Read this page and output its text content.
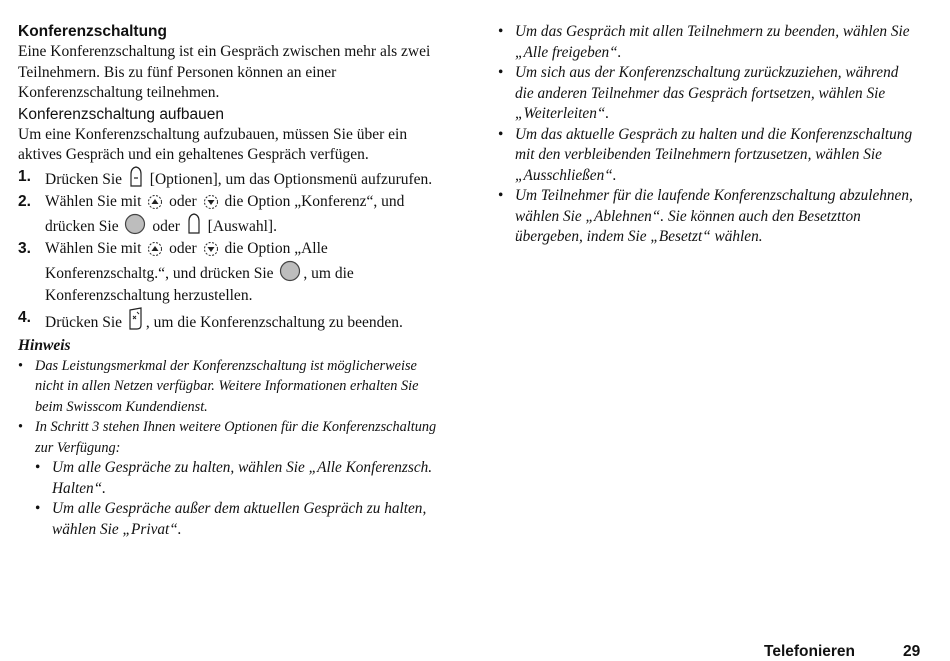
Konferenzschaltung

Eine Konferenzschaltung ist ein Gespräch zwischen mehr als zwei Teilnehmern. Bis zu fünf Personen können an einer Konferenzschaltung teilnehmen.

Konferenzschaltung aufbauen

Um eine Konferenzschaltung aufzubauen, müssen Sie über ein aktives Gespräch und ein gehaltenes Gespräch verfügen.

1. Drücken Sie [Optionen], um das Optionsmenü aufzurufen.
2. Wählen Sie mit oder die Option „Konferenz“, und drücken Sie oder [Auswahl].
3. Wählen Sie mit oder die Option „Alle Konferenzschaltg.“, und drücken Sie , um die Konferenzschaltung herzustellen.
4. Drücken Sie , um die Konferenzschaltung zu beenden.
Hinweis
• Das Leistungsmerkmal der Konferenzschaltung ist möglicherweise nicht in allen Netzen verfügbar. Weitere Informationen erhalten Sie beim Swisscom Kundendienst.
• In Schritt 3 stehen Ihnen weitere Optionen für die Konferenzschaltung zur Verfügung:
• Um alle Gespräche zu halten, wählen Sie „Alle Konferenzsch. Halten“.
• Um alle Gespräche außer dem aktuellen Gespräch zu halten, wählen Sie „Privat“.
• Um das Gespräch mit allen Teilnehmern zu beenden, wählen Sie „Alle freigeben“.
• Um sich aus der Konferenzschaltung zurückzuziehen, während die anderen Teilnehmer das Gespräch fortsetzen, wählen Sie „Weiterleiten“.
• Um das aktuelle Gespräch zu halten und die Konferenzschaltung mit den verbleibenden Teilnehmern fortzusetzen, wählen Sie „Ausschließen“.
• Um Teilnehmer für die laufende Konferenzschaltung abzulehnen, wählen Sie „Ablehnen“. Sie können auch den Besetztton übergeben, indem Sie „Besetzt“ wählen.
Telefonieren	29
